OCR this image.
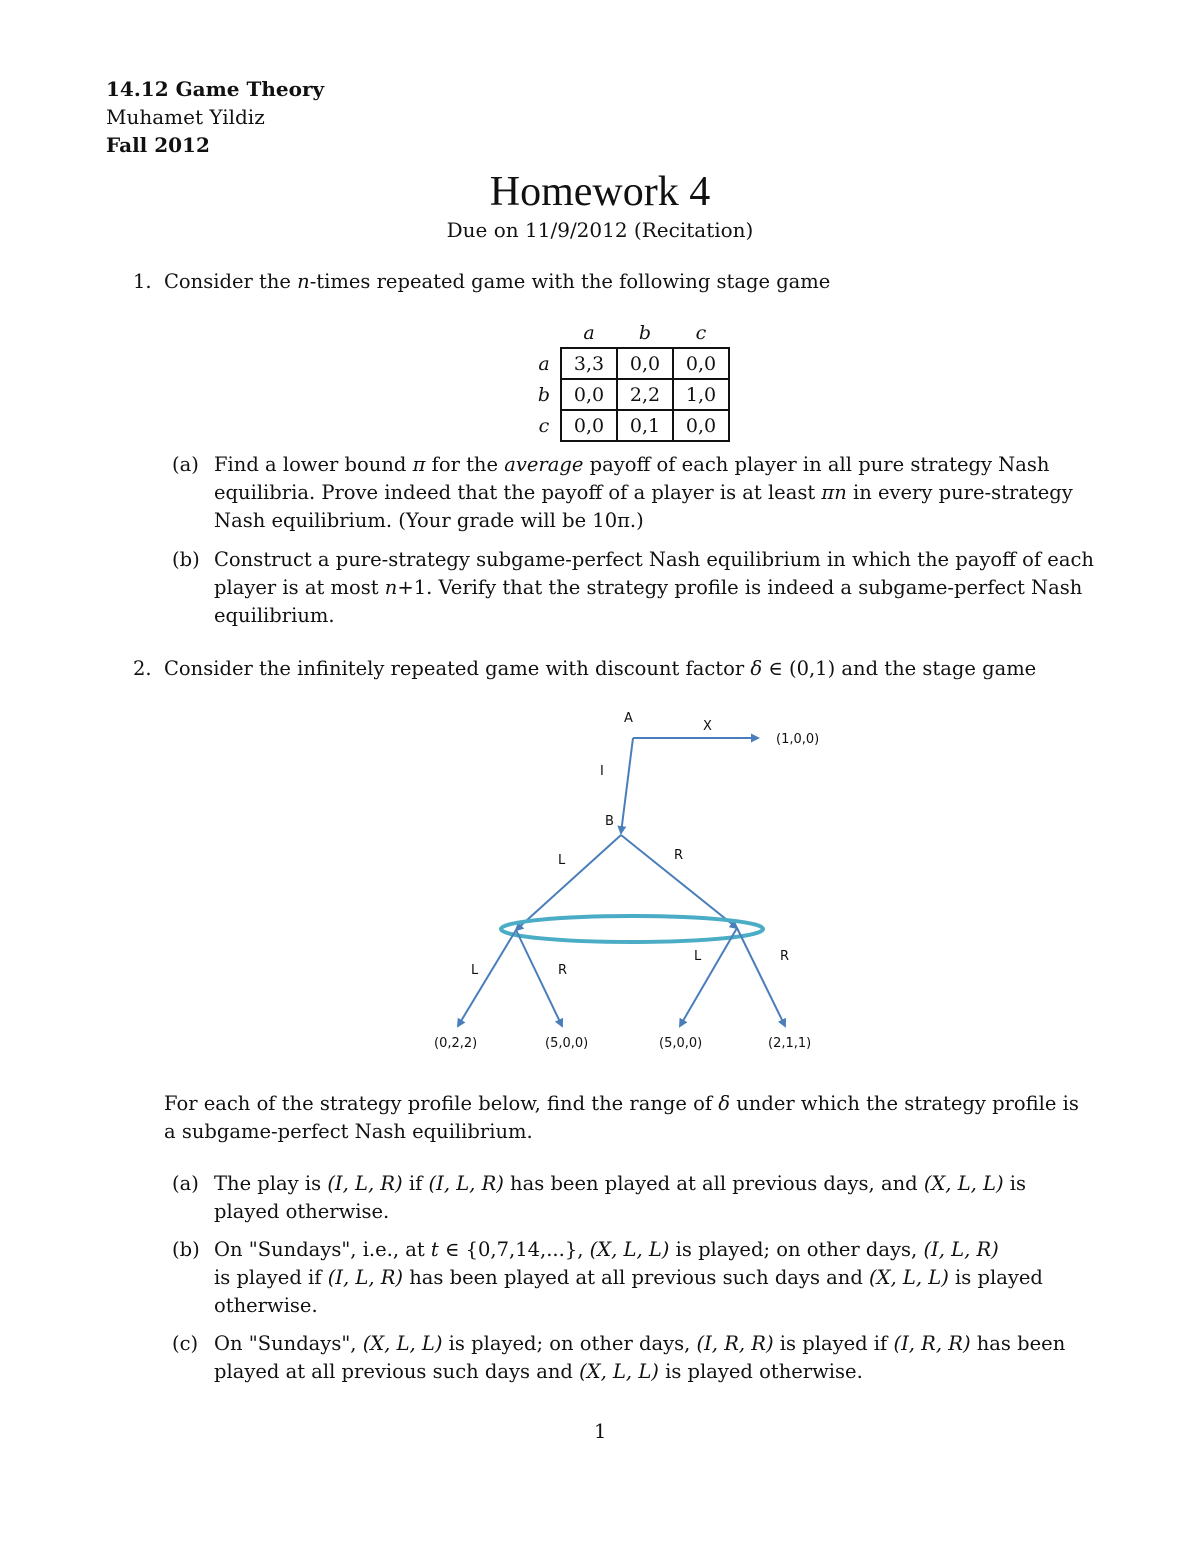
14.12 Game Theory
Muhamet Yildiz
Fall 2012
Homework 4
Due on 11/9/2012 (Recitation)
1. Consider the n-times repeated game with the following stage game
	a	b	c
a	3,3	0,0	0,0
b	0,0	2,2	1,0
c	0,0	0,1	0,0
(a) Find a lower bound π for the average payoff of each player in all pure strategy Nash
equilibria. Prove indeed that the payoff of a player is at least πn in every pure-strategy
Nash equilibrium. (Your grade will be 10π.)
(b) Construct a pure-strategy subgame-perfect Nash equilibrium in which the payoff of each
player is at most n+1. Verify that the strategy profile is indeed a subgame-perfect Nash
equilibrium.
2. Consider the infinitely repeated game with discount factor δ ∈ (0,1) and the stage game
A
X
(1,0,0)
I
B
L	R
L	R
L	R
(0,2,2)	(5,0,0)	(5,0,0)	(2,1,1)
For each of the strategy profile below, find the range of δ under which the strategy profile is
a subgame-perfect Nash equilibrium.
(a) The play is (I, L, R) if (I, L, R) has been played at all previous days, and (X, L, L) is
played otherwise.
(b) On "Sundays", i.e., at t ∈ {0,7,14,...}, (X, L, L) is played; on other days, (I, L, R)
is played if (I, L, R) has been played at all previous such days and (X, L, L) is played
otherwise.
(c) On "Sundays", (X, L, L) is played; on other days, (I, R, R) is played if (I, R, R) has been
played at all previous such days and (X, L, L) is played otherwise.
1
